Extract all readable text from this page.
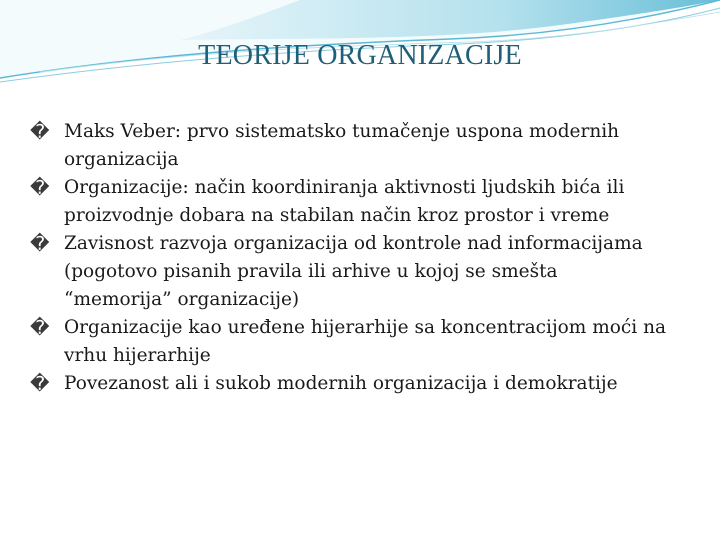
TEORIJE ORGANIZACIJE
� Maks Veber: prvo sistematsko tumačenje uspona modernih organizacija
� Organizacije: način koordiniranja aktivnosti ljudskih bića ili proizvodnje dobara na stabilan način kroz prostor i vreme
� Zavisnost razvoja organizacija od kontrole nad informacijama (pogotovo pisanih pravila ili arhive u kojoj se smešta “memorija” organizacije)
� Organizacije kao uređene hijerarhije sa koncentracijom moći na vrhu hijerarhije
� Povezanost ali i sukob modernih organizacija i demokratije
